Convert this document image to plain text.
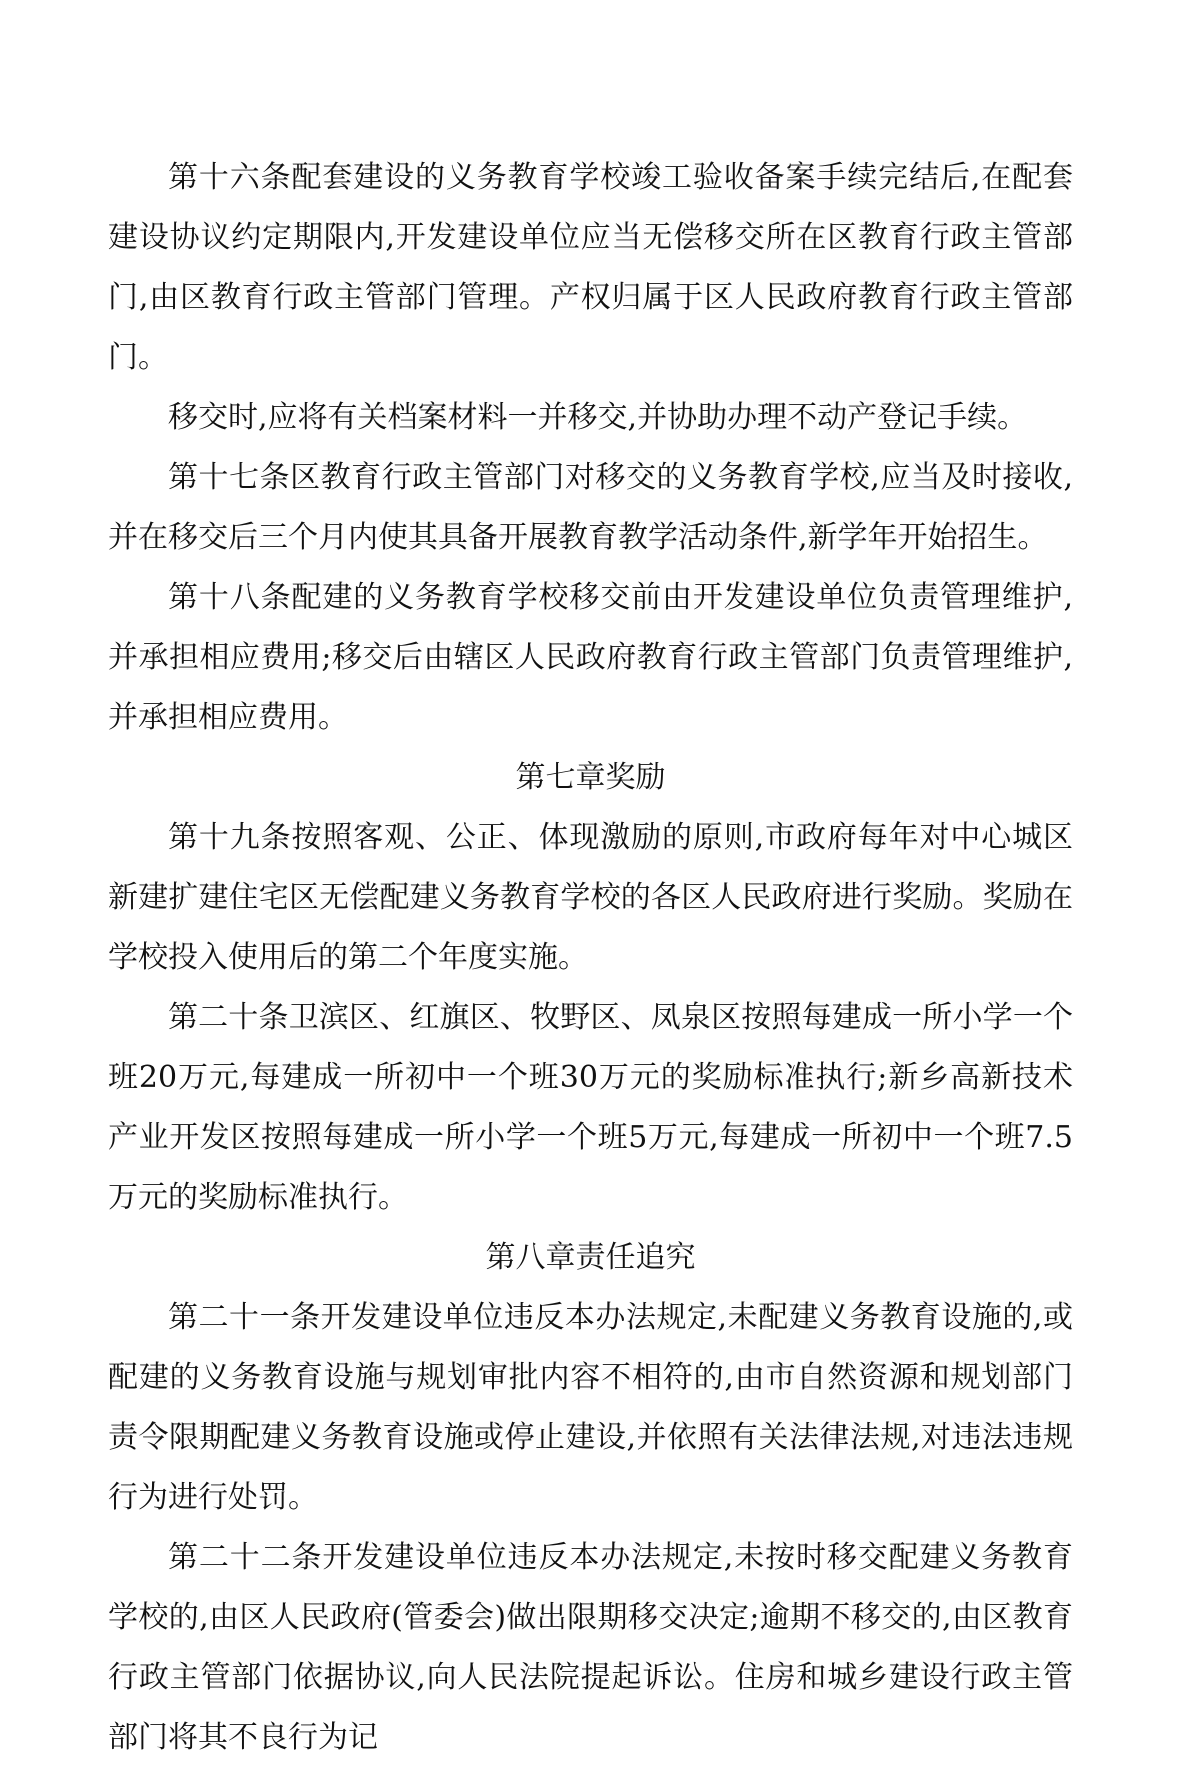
第十六条配套建设的义务教育学校竣工验收备案手续完结后,在配套建设协议约定期限内,开发建设单位应当无偿移交所在区教育行政主管部门,由区教育行政主管部门管理。产权归属于区人民政府教育行政主管部门。

移交时,应将有关档案材料一并移交,并协助办理不动产登记手续。

第十七条区教育行政主管部门对移交的义务教育学校,应当及时接收,并在移交后三个月内使其具备开展教育教学活动条件,新学年开始招生。

第十八条配建的义务教育学校移交前由开发建设单位负责管理维护,并承担相应费用;移交后由辖区人民政府教育行政主管部门负责管理维护,并承担相应费用。

第七章奖励

第十九条按照客观、公正、体现激励的原则,市政府每年对中心城区新建扩建住宅区无偿配建义务教育学校的各区人民政府进行奖励。奖励在学校投入使用后的第二个年度实施。

第二十条卫滨区、红旗区、牧野区、凤泉区按照每建成一所小学一个班20万元,每建成一所初中一个班30万元的奖励标准执行;新乡高新技术产业开发区按照每建成一所小学一个班5万元,每建成一所初中一个班7.5万元的奖励标准执行。

第八章责任追究

第二十一条开发建设单位违反本办法规定,未配建义务教育设施的,或配建的义务教育设施与规划审批内容不相符的,由市自然资源和规划部门责令限期配建义务教育设施或停止建设,并依照有关法律法规,对违法违规行为进行处罚。

第二十二条开发建设单位违反本办法规定,未按时移交配建义务教育学校的,由区人民政府(管委会)做出限期移交决定;逾期不移交的,由区教育行政主管部门依据协议,向人民法院提起诉讼。住房和城乡建设行政主管部门将其不良行为记
